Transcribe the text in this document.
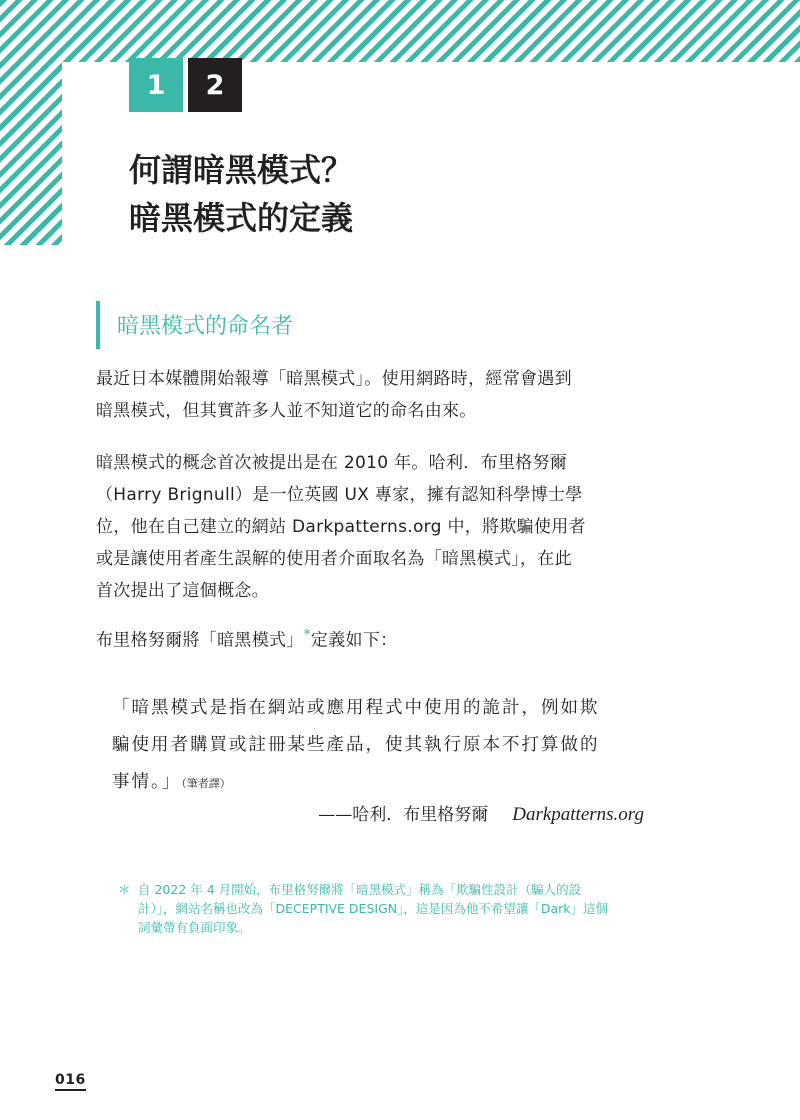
1	2
何謂暗黑模式？
暗黑模式的定義
暗黑模式的命名者

最近日本媒體開始報導「暗黑模式」。使用網路時，經常會遇到
暗黑模式，但其實許多人並不知道它的命名由來。

暗黑模式的概念首次被提出是在 2010 年。哈利．布里格努爾
（Harry Brignull）是一位英國 UX 專家，擁有認知科學博士學
位，他在自己建立的網站 Darkpatterns.org 中，將欺騙使用者
或是讓使用者產生誤解的使用者介面取名為「暗黑模式」，在此
首次提出了這個概念。

布里格努爾將「暗黑模式」*定義如下：

「暗黑模式是指在網站或應用程式中使用的詭計，例如欺
騙使用者購買或註冊某些產品，使其執行原本不打算做的
事情。」（筆者譯）

——哈利．布里格努爾 Darkpatterns.org

＊ 自 2022 年 4 月開始，布里格努爾將「暗黑模式」稱為「欺騙性設計（騙人的設
計）」，網站名稱也改為「DECEPTIVE DESIGN」，這是因為他不希望讓「Dark」這個
詞彙帶有負面印象。

016
